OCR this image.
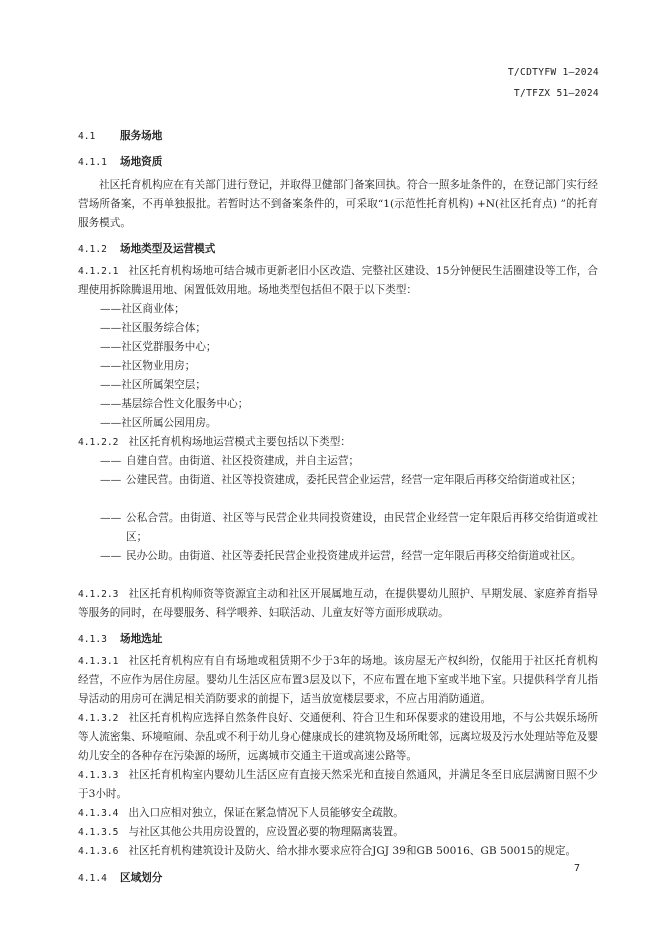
T/CDTYFW 1—2024
T/TFZX 51—2024
4.1 服务场地
4.1.1 场地资质
社区托育机构应在有关部门进行登记，并取得卫健部门备案回执。符合一照多址条件的，在登记部门实行经营场所备案，不再单独报批。若暂时达不到备案条件的，可采取“1(示范性托育机构) +N(社区托育点) ”的托育服务模式。
4.1.2 场地类型及运营模式
4.1.2.1 社区托育机构场地可结合城市更新老旧小区改造、完整社区建设、15分钟便民生活圈建设等工作，合理使用拆除腾退用地、闲置低效用地。场地类型包括但不限于以下类型：
——社区商业体；
——社区服务综合体；
——社区党群服务中心；
——社区物业用房；
——社区所属架空层；
——基层综合性文化服务中心；
——社区所属公园用房。
4.1.2.2 社区托育机构场地运营模式主要包括以下类型：
—— 自建自营。由街道、社区投资建成，并自主运营；
—— 公建民营。由街道、社区等投资建成，委托民营企业运营，经营一定年限后再移交给街道或社区；
—— 公私合营。由街道、社区等与民营企业共同投资建设，由民营企业经营一定年限后再移交给街道或社区；
—— 民办公助。由街道、社区等委托民营企业投资建成并运营，经营一定年限后再移交给街道或社区。
4.1.2.3 社区托育机构师资等资源宜主动和社区开展属地互动，在提供婴幼儿照护、早期发展、家庭养育指导等服务的同时，在母婴服务、科学喂养、妇联活动、儿童友好等方面形成联动。
4.1.3 场地选址
4.1.3.1 社区托育机构应有自有场地或租赁期不少于3年的场地。该房屋无产权纠纷，仅能用于社区托育机构经营，不应作为居住房屋。婴幼儿生活区应布置3层及以下，不应布置在地下室或半地下室。只提供科学育儿指导活动的用房可在满足相关消防要求的前提下，适当放宽楼层要求，不应占用消防通道。
4.1.3.2 社区托育机构应选择自然条件良好、交通便利、符合卫生和环保要求的建设用地，不与公共娱乐场所等人流密集、环境喧闹、杂乱或不利于幼儿身心健康成长的建筑物及场所毗邻，远离垃圾及污水处理站等危及婴幼儿安全的各种存在污染源的场所，远离城市交通主干道或高速公路等。
4.1.3.3 社区托育机构室内婴幼儿生活区应有直接天然采光和直接自然通风，并满足冬至日底层满窗日照不少于3小时。
4.1.3.4 出入口应相对独立，保证在紧急情况下人员能够安全疏散。
4.1.3.5 与社区其他公共用房设置的，应设置必要的物理隔离装置。
4.1.3.6 社区托育机构建筑设计及防火、给水排水要求应符合JGJ 39和GB 50016、GB 50015的规定。
4.1.4 区域划分
7
